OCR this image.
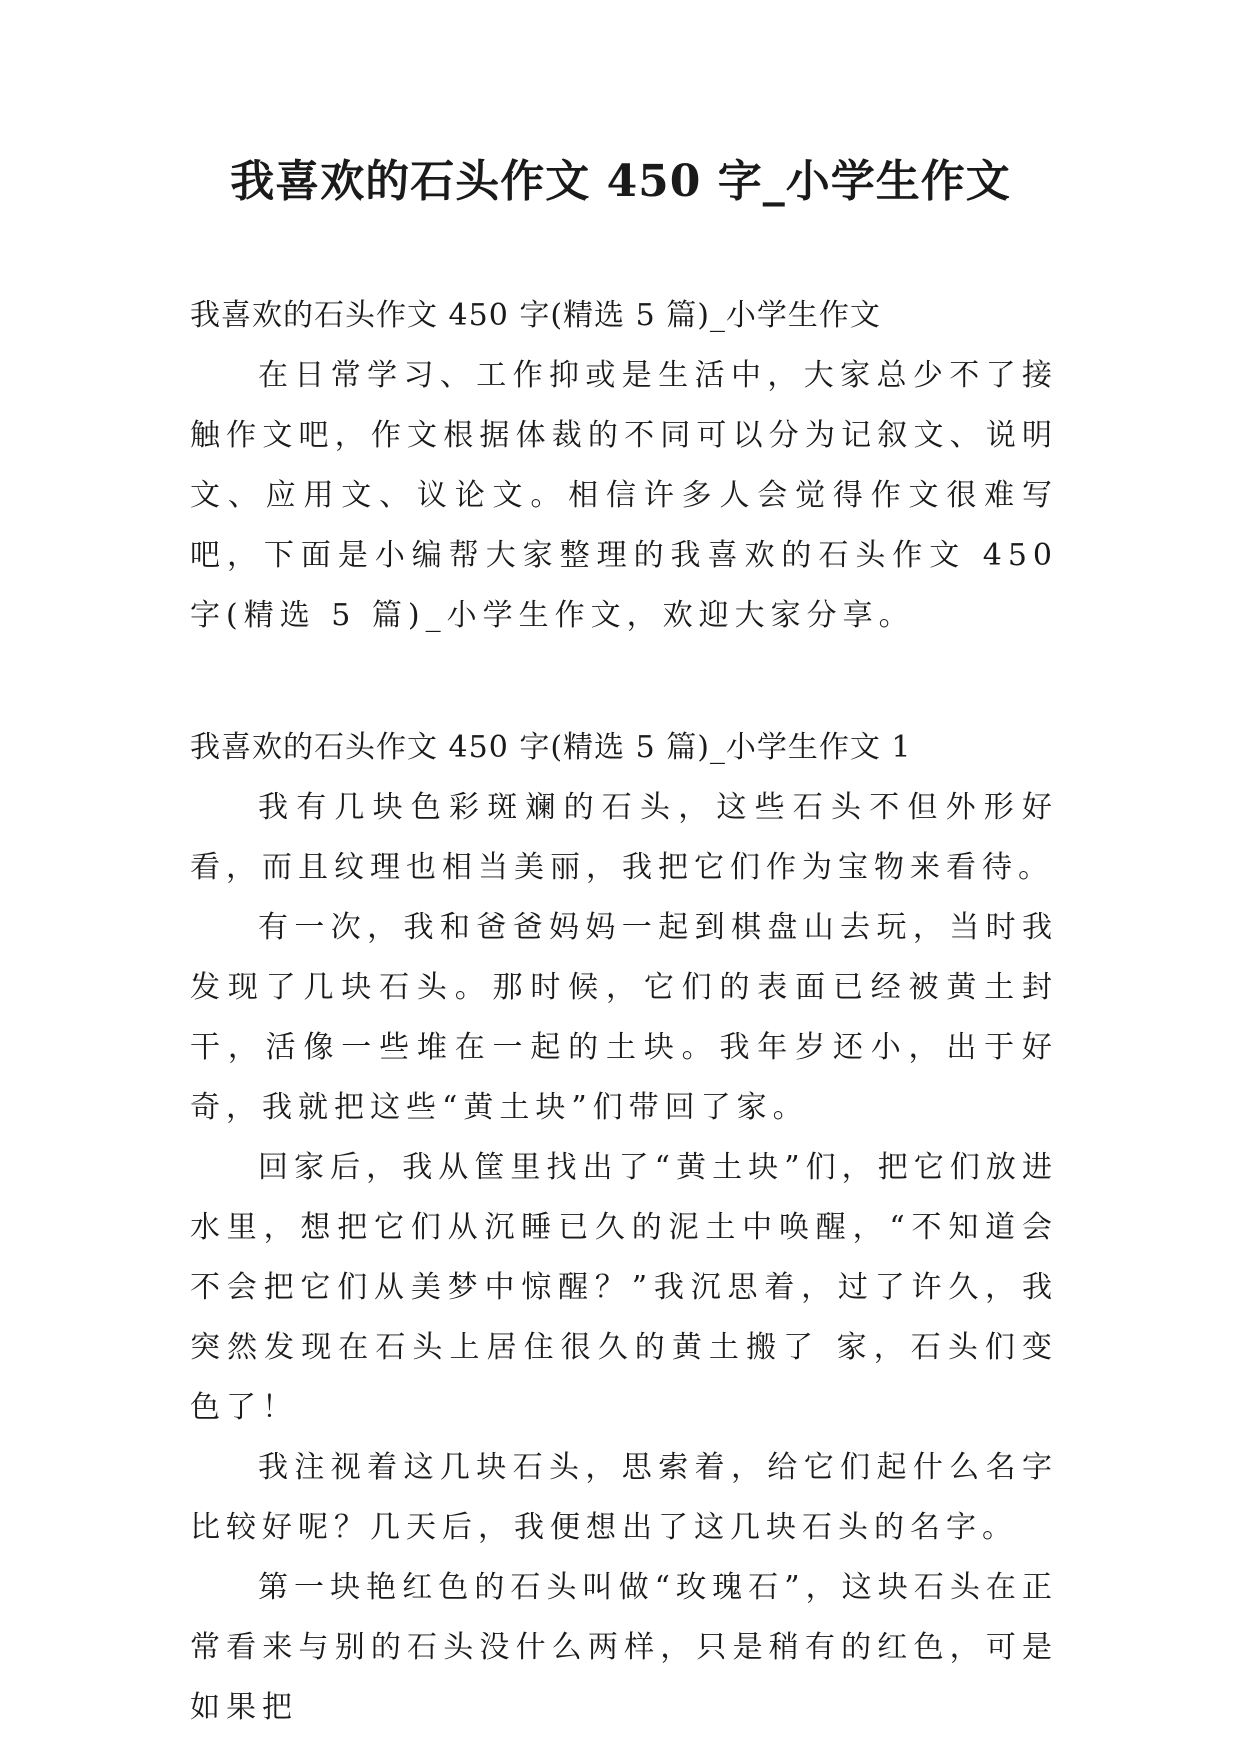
我喜欢的石头作文 450 字_小学生作文

我喜欢的石头作文 450 字(精选 5 篇)_小学生作文

在日常学习、工作抑或是生活中，大家总少不了接触作文吧，作文根据体裁的不同可以分为记叙文、说明文、应用文、议论文。相信许多人会觉得作文很难写吧，下面是小编帮大家整理的我喜欢的石头作文 450 字(精选 5 篇)_小学生作文，欢迎大家分享。

我喜欢的石头作文 450 字(精选 5 篇)_小学生作文 1

我有几块色彩斑斓的石头，这些石头不但外形好看，而且纹理也相当美丽，我把它们作为宝物来看待。

有一次，我和爸爸妈妈一起到棋盘山去玩，当时我发现了几块石头。那时候，它们的表面已经被黄土封干，活像一些堆在一起的土块。我年岁还小，出于好奇，我就把这些“黄土块”们带回了家。

回家后，我从筐里找出了“黄土块”们，把它们放进水里，想把它们从沉睡已久的泥土中唤醒，“不知道会不会把它们从美梦中惊醒？”我沉思着，过了许久，我突然发现在石头上居住很久的黄土搬了 家，石头们变色了！

我注视着这几块石头，思索着，给它们起什么名字比较好呢？几天后，我便想出了这几块石头的名字。

第一块艳红色的石头叫做“玫瑰石”，这块石头在正常看来与别的石头没什么两样，只是稍有的红色，可是如果把
